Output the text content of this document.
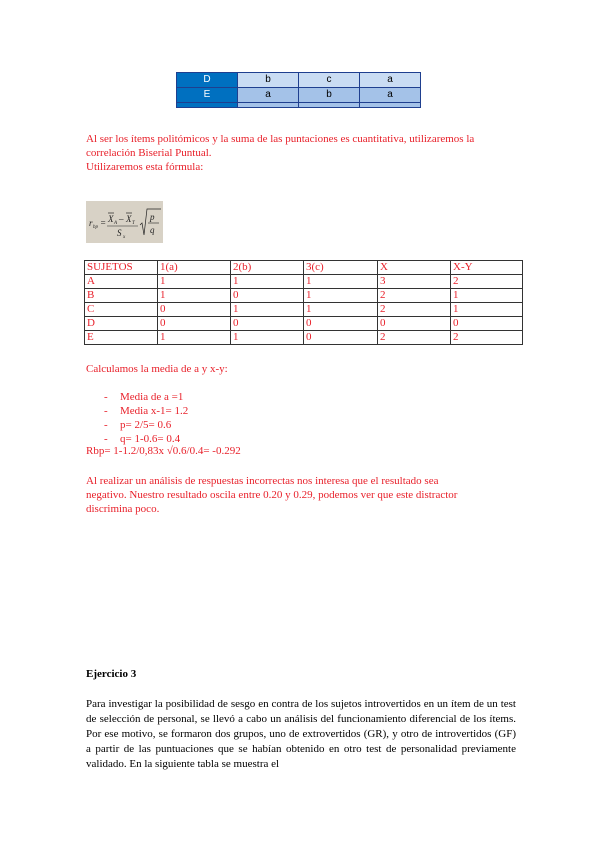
D	b	c	a
E	a	b	a

Al ser los ítems politómicos y la suma de las puntaciones es cuantitativa, utilizaremos la
correlación Biserial Puntual.
Utilizaremos esta fórmula:
r bp = X A – X T
S x
p
q
SUJETOS	1(a)	2(b)	3(c)	X	X-Y
A	1	1	1	3	2
B	1	0	1	2	1
C	0	1	1	2	1
D	0	0	0	0	0
E	1	1	0	2	2

Calculamos la media de a y x-y:

- Media de a =1
- Media x-1= 1.2
- p= 2/5= 0.6
- q= 1-0.6= 0.4

Rbp= 1-1.2/0,83x √0.6/0.4= -0.292

Al realizar un análisis de respuestas incorrectas nos interesa que el resultado sea
negativo. Nuestro resultado oscila entre 0.20 y 0.29, podemos ver que este distractor
discrimina poco.

Ejercicio 3

Para investigar la posibilidad de sesgo en contra de los sujetos introvertidos en un ítem de un test de selección de personal, se llevó a cabo un análisis del funcionamiento diferencial de los ítems. Por ese motivo, se formaron dos grupos, uno de extrovertidos (GR), y otro de introvertidos (GF) a partir de las puntuaciones que se habían obtenido en otro test de personalidad previamente validado. En la siguiente tabla se muestra el
